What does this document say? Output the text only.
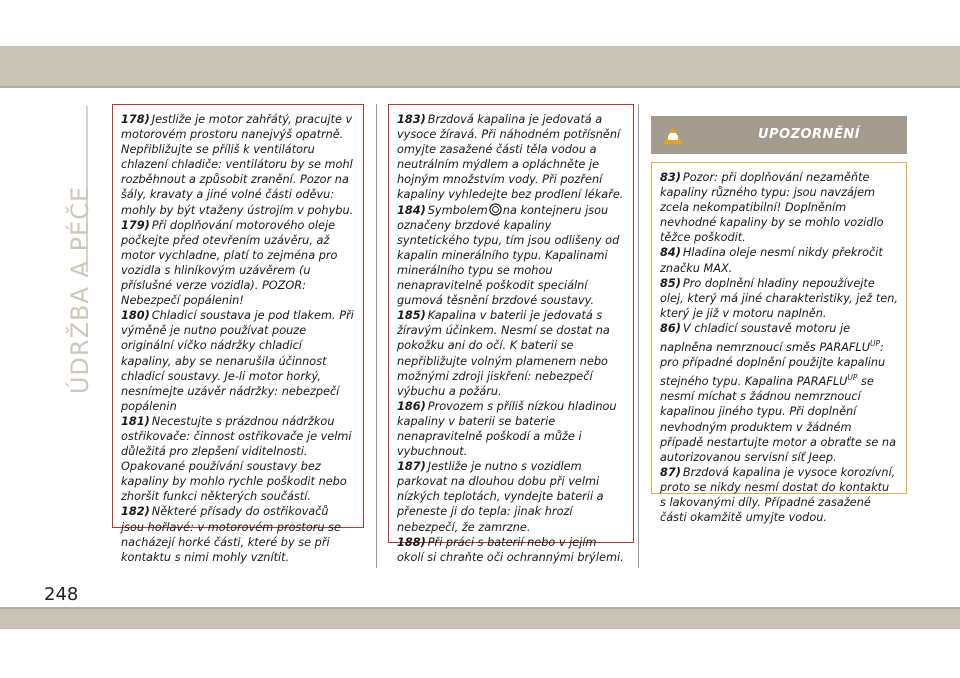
ÚDRŽBA A PÉČE
178) Jestliže je motor zahřátý, pracujte v motorovém prostoru nanejvýš opatrně. Nepřibližujte se příliš k ventilátoru chlazení chladiče: ventilátoru by se mohl rozběhnout a způsobit zranění. Pozor na šály, kravaty a jiné volné části oděvu: mohly by být vtaženy ústrojím v pohybu.
179) Při doplňování motorového oleje počkejte před otevřením uzávěru, až motor vychladne, platí to zejména pro vozidla s hliníkovým uzávěrem (u příslušné verze vozidla). POZOR: Nebezpečí popálenin!
180) Chladicí soustava je pod tlakem. Při výměně je nutno používat pouze originální víčko nádržky chladicí kapaliny, aby se nenarušila účinnost chladicí soustavy. Je-li motor horký, nesnímejte uzávěr nádržky: nebezpečí popálenin
181) Necestujte s prázdnou nádržkou ostřikovače: činnost ostřikovače je velmi důležitá pro zlepšení viditelnosti. Opakované používání soustavy bez kapaliny by mohlo rychle poškodit nebo zhoršit funkci některých součástí.
182) Některé přísady do ostřikovačů jsou hořlavé: v motorovém prostoru se nacházejí horké části, které by se při kontaktu s nimi mohly vznítit.
183) Brzdová kapalina je jedovatá a vysoce žíravá. Při náhodném potřísnění omyjte zasažené části těla vodou a neutrálním mýdlem a opláchněte je hojným množstvím vody. Při pozření kapaliny vyhledejte bez prodlení lékaře.
184) Symbolem na kontejneru jsou označeny brzdové kapaliny syntetického typu, tím jsou odlišeny od kapalin minerálního typu. Kapalinami minerálního typu se mohou nenapravitelně poškodit speciální gumová těsnění brzdové soustavy.
185) Kapalina v baterii je jedovatá s žíravým účinkem. Nesmí se dostat na pokožku ani do očí. K baterii se nepřibližujte volným plamenem nebo možnými zdroji jiskření: nebezpečí výbuchu a požáru.
186) Provozem s příliš nízkou hladinou kapaliny v baterii se baterie nenapravitelně poškodí a může i vybuchnout.
187) Jestliže je nutno s vozidlem parkovat na dlouhou dobu při velmi nízkých teplotách, vyndejte baterii a přeneste ji do tepla: jinak hrozí nebezpečí, že zamrzne.
188) Při práci s baterií nebo v jejím okolí si chraňte oči ochrannými brýlemi.
UPOZORNĚNÍ
83) Pozor: při doplňování nezaměňte kapaliny různého typu: jsou navzájem zcela nekompatibilní! Doplněním nevhodné kapaliny by se mohlo vozidlo těžce poškodit.
84) Hladina oleje nesmí nikdy překročit značku MAX.
85) Pro doplnění hladiny nepoužívejte olej, který má jiné charakteristiky, jež ten, který je již v motoru naplněn.
86) V chladicí soustavě motoru je naplněna nemrznoucí směs $PARAFLU^{UP}$: pro případné doplnění použijte kapalinu stejného typu. Kapalina $PARAFLU^{UP}$ se nesmí míchat s žádnou nemrznoucí kapalinou jiného typu. Při doplnění nevhodným produktem v žádném případě nestartujte motor a obraťte se na autorizovanou servisní síť Jeep.
87) Brzdová kapalina je vysoce korozívní, proto se nikdy nesmí dostat do kontaktu s lakovanými díly. Případné zasažené části okamžitě umyjte vodou.
248
